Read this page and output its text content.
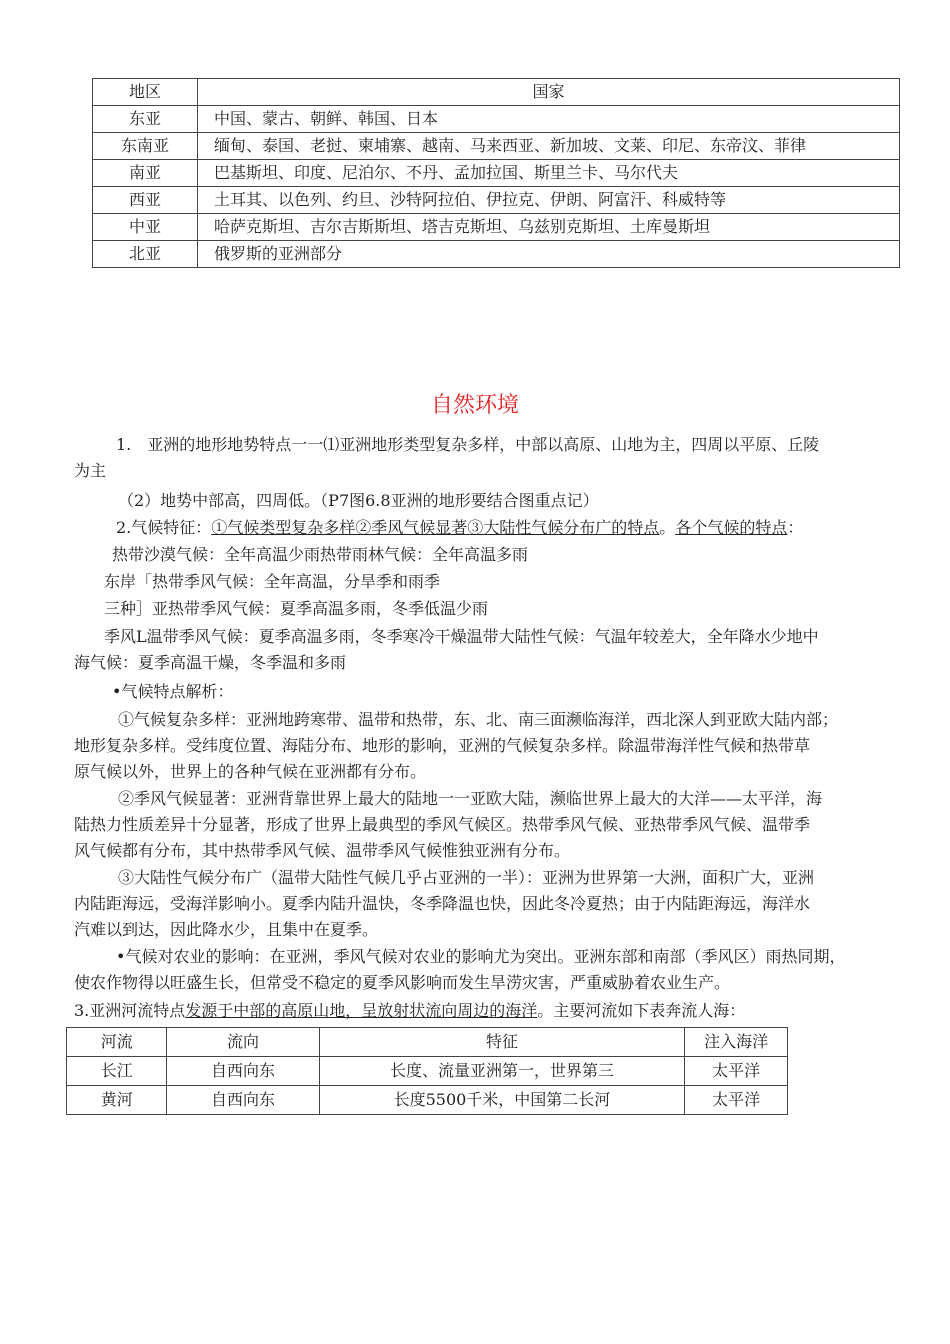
地区	国家
东亚	中国、蒙古、朝鲜、韩国、日本
东南亚	缅甸、泰国、老挝、柬埔寨、越南、马来西亚、新加坡、文莱、印尼、东帝汶、菲律
南亚	巴基斯坦、印度、尼泊尔、不丹、孟加拉国、斯里兰卡、马尔代夫
西亚	土耳其、以色列、约旦、沙特阿拉伯、伊拉克、伊朗、阿富汗、科威特等
中亚	哈萨克斯坦、吉尔吉斯斯坦、塔吉克斯坦、乌兹别克斯坦、土库曼斯坦
北亚	俄罗斯的亚洲部分
自然环境
1.　亚洲的地形地势特点一一⑴亚洲地形类型复杂多样，中部以高原、山地为主，四周以平原、丘陵
为主
（2）地势中部高，四周低。（P7图6.8亚洲的地形要结合图重点记）
2.气候特征：①气候类型复杂多样②季风气候显著③大陆性气候分布广的特点。各个气候的特点：
热带沙漠气候：全年高温少雨热带雨林气候：全年高温多雨
东岸「热带季风气候：全年高温，分旱季和雨季
三种］亚热带季风气候：夏季高温多雨，冬季低温少雨
季风L温带季风气候：夏季高温多雨，冬季寒冷干燥温带大陆性气候：气温年较差大，全年降水少地中
海气候：夏季高温干燥，冬季温和多雨
•气候特点解析：
①气候复杂多样：亚洲地跨寒带、温带和热带，东、北、南三面濒临海洋，西北深人到亚欧大陆内部；
地形复杂多样。受纬度位置、海陆分布、地形的影响，亚洲的气候复杂多样。除温带海洋性气候和热带草
原气候以外，世界上的各种气候在亚洲都有分布。
②季风气候显著：亚洲背靠世界上最大的陆地一一亚欧大陆，濒临世界上最大的大洋——太平洋，海
陆热力性质差异十分显著，形成了世界上最典型的季风气候区。热带季风气候、亚热带季风气候、温带季
风气候都有分布，其中热带季风气候、温带季风气候惟独亚洲有分布。
③大陆性气候分布广（温带大陆性气候几乎占亚洲的一半）：亚洲为世界第一大洲，面积广大，亚洲
内陆距海远，受海洋影响小。夏季内陆升温快，冬季降温也快，因此冬冷夏热；由于内陆距海远，海洋水
汽难以到达，因此降水少，且集中在夏季。
•气候对农业的影响：在亚洲，季风气候对农业的影响尤为突出。亚洲东部和南部（季风区）雨热同期，
使农作物得以旺盛生长，但常受不稳定的夏季风影响而发生旱涝灾害，严重威胁着农业生产。
3.亚洲河流特点发源于中部的高原山地，呈放射状流向周边的海洋。主要河流如下表奔流人海：
河流	流向	特征	注入海洋
长江	自西向东	长度、流量亚洲第一，世界第三	太平洋
黄河	自西向东	长度5500千米，中国第二长河	太平洋
